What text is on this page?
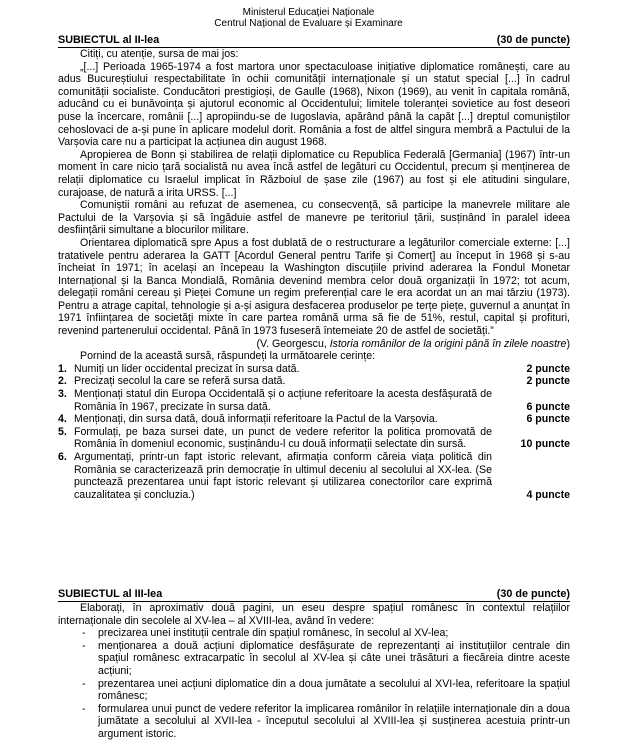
Ministerul Educației Naționale
Centrul Național de Evaluare și Examinare
SUBIECTUL al II-lea	(30 de puncte)

Citiți, cu atenție, sursa de mai jos:

„[...] Perioada 1965-1974 a fost martora unor spectaculoase inițiative diplomatice românești, care au adus Bucureștiului respectabilitate în ochii comunității internaționale și un statut special [...] în cadrul comunității socialiste. Conducători prestigioși, de Gaulle (1968), Nixon (1969), au venit în capitala română, aducând cu ei bunăvoința și ajutorul economic al Occidentului; limitele toleranței sovietice au fost deseori puse la încercare, românii [...] apropiindu-se de Iugoslavia, apărând până la capăt [...] dreptul comuniștilor cehoslovaci de a-și pune în aplicare modelul dorit. România a fost de altfel singura membră a Pactului de la Varșovia care nu a participat la acțiunea din august 1968.

Apropierea de Bonn și stabilirea de relații diplomatice cu Republica Federală [Germania] (1967) într-un moment în care nicio țară socialistă nu avea încă astfel de legături cu Occidentul, precum și menținerea de relații diplomatice cu Israelul implicat în Războiul de șase zile (1967) au fost și ele atitudini singulare, curajoase, de natură a irita URSS. [...]

Comuniștii români au refuzat de asemenea, cu consecvență, să participe la manevrele militare ale Pactului de la Varșovia și să îngăduie astfel de manevre pe teritoriul țării, susținând în paralel ideea desființării simultane a blocurilor militare.

Orientarea diplomatică spre Apus a fost dublată de o restructurare a legăturilor comerciale externe: [...] tratativele pentru aderarea la GATT [Acordul General pentru Tarife și Comerț] au început în 1968 și s-au încheiat în 1971; în același an începeau la Washington discuțiile privind aderarea la Fondul Monetar Internațional și la Banca Mondială, România devenind membra celor două organizații în 1972; tot acum, delegații români cereau și Pieței Comune un regim preferențial care le era acordat un an mai târziu (1973). Pentru a atrage capital, tehnologie și a-și asigura desfacerea produselor pe terțe piețe, guvernul a anunțat în 1971 înființarea de societăți mixte în care partea română urma să fie de 51%, restul, capital și profituri, revenind partenerului occidental. Până în 1973 fuseseră întemeiate 20 de astfel de societăți.”

(V. Georgescu, Istoria românilor de la origini până în zilele noastre)

Pornind de la această sursă, răspundeți la următoarele cerințe:

1. Numiți un lider occidental precizat în sursa dată.	2 puncte
2. Precizați secolul la care se referă sursa dată.	2 puncte
3. Menționați statul din Europa Occidentală și o acțiune referitoare la acesta desfășurată de România în 1967, precizate în sursa dată.	6 puncte
4. Menționați, din sursa dată, două informații referitoare la Pactul de la Varșovia.	6 puncte
5. Formulați, pe baza sursei date, un punct de vedere referitor la politica promovată de România în domeniul economic, susținându-l cu două informații selectate din sursă.	10 puncte
6. Argumentați, printr-un fapt istoric relevant, afirmația conform căreia viața politică din România se caracterizează prin democrație în ultimul deceniu al secolului al XX-lea. (Se punctează prezentarea unui fapt istoric relevant și utilizarea conectorilor care exprimă cauzalitatea și concluzia.)	4 puncte
SUBIECTUL al III-lea	(30 de puncte)

Elaborați, în aproximativ două pagini, un eseu despre spațiul românesc în contextul relațiilor internaționale din secolele al XV-lea – al XVIII-lea, având în vedere:

-	precizarea unei instituții centrale din spațiul românesc, în secolul al XV-lea;
-	menționarea a două acțiuni diplomatice desfășurate de reprezentanți ai instituțiilor centrale din spațiul românesc extracarpatic în secolul al XV-lea și câte unei trăsături a fiecăreia dintre aceste acțiuni;
-	prezentarea unei acțiuni diplomatice din a doua jumătate a secolului al XVI-lea, referitoare la spațiul românesc;
-	formularea unui punct de vedere referitor la implicarea românilor în relațiile internaționale din a doua jumătate a secolului al XVII-lea - începutul secolului al XVIII-lea și susținerea acestuia printr-un argument istoric.
